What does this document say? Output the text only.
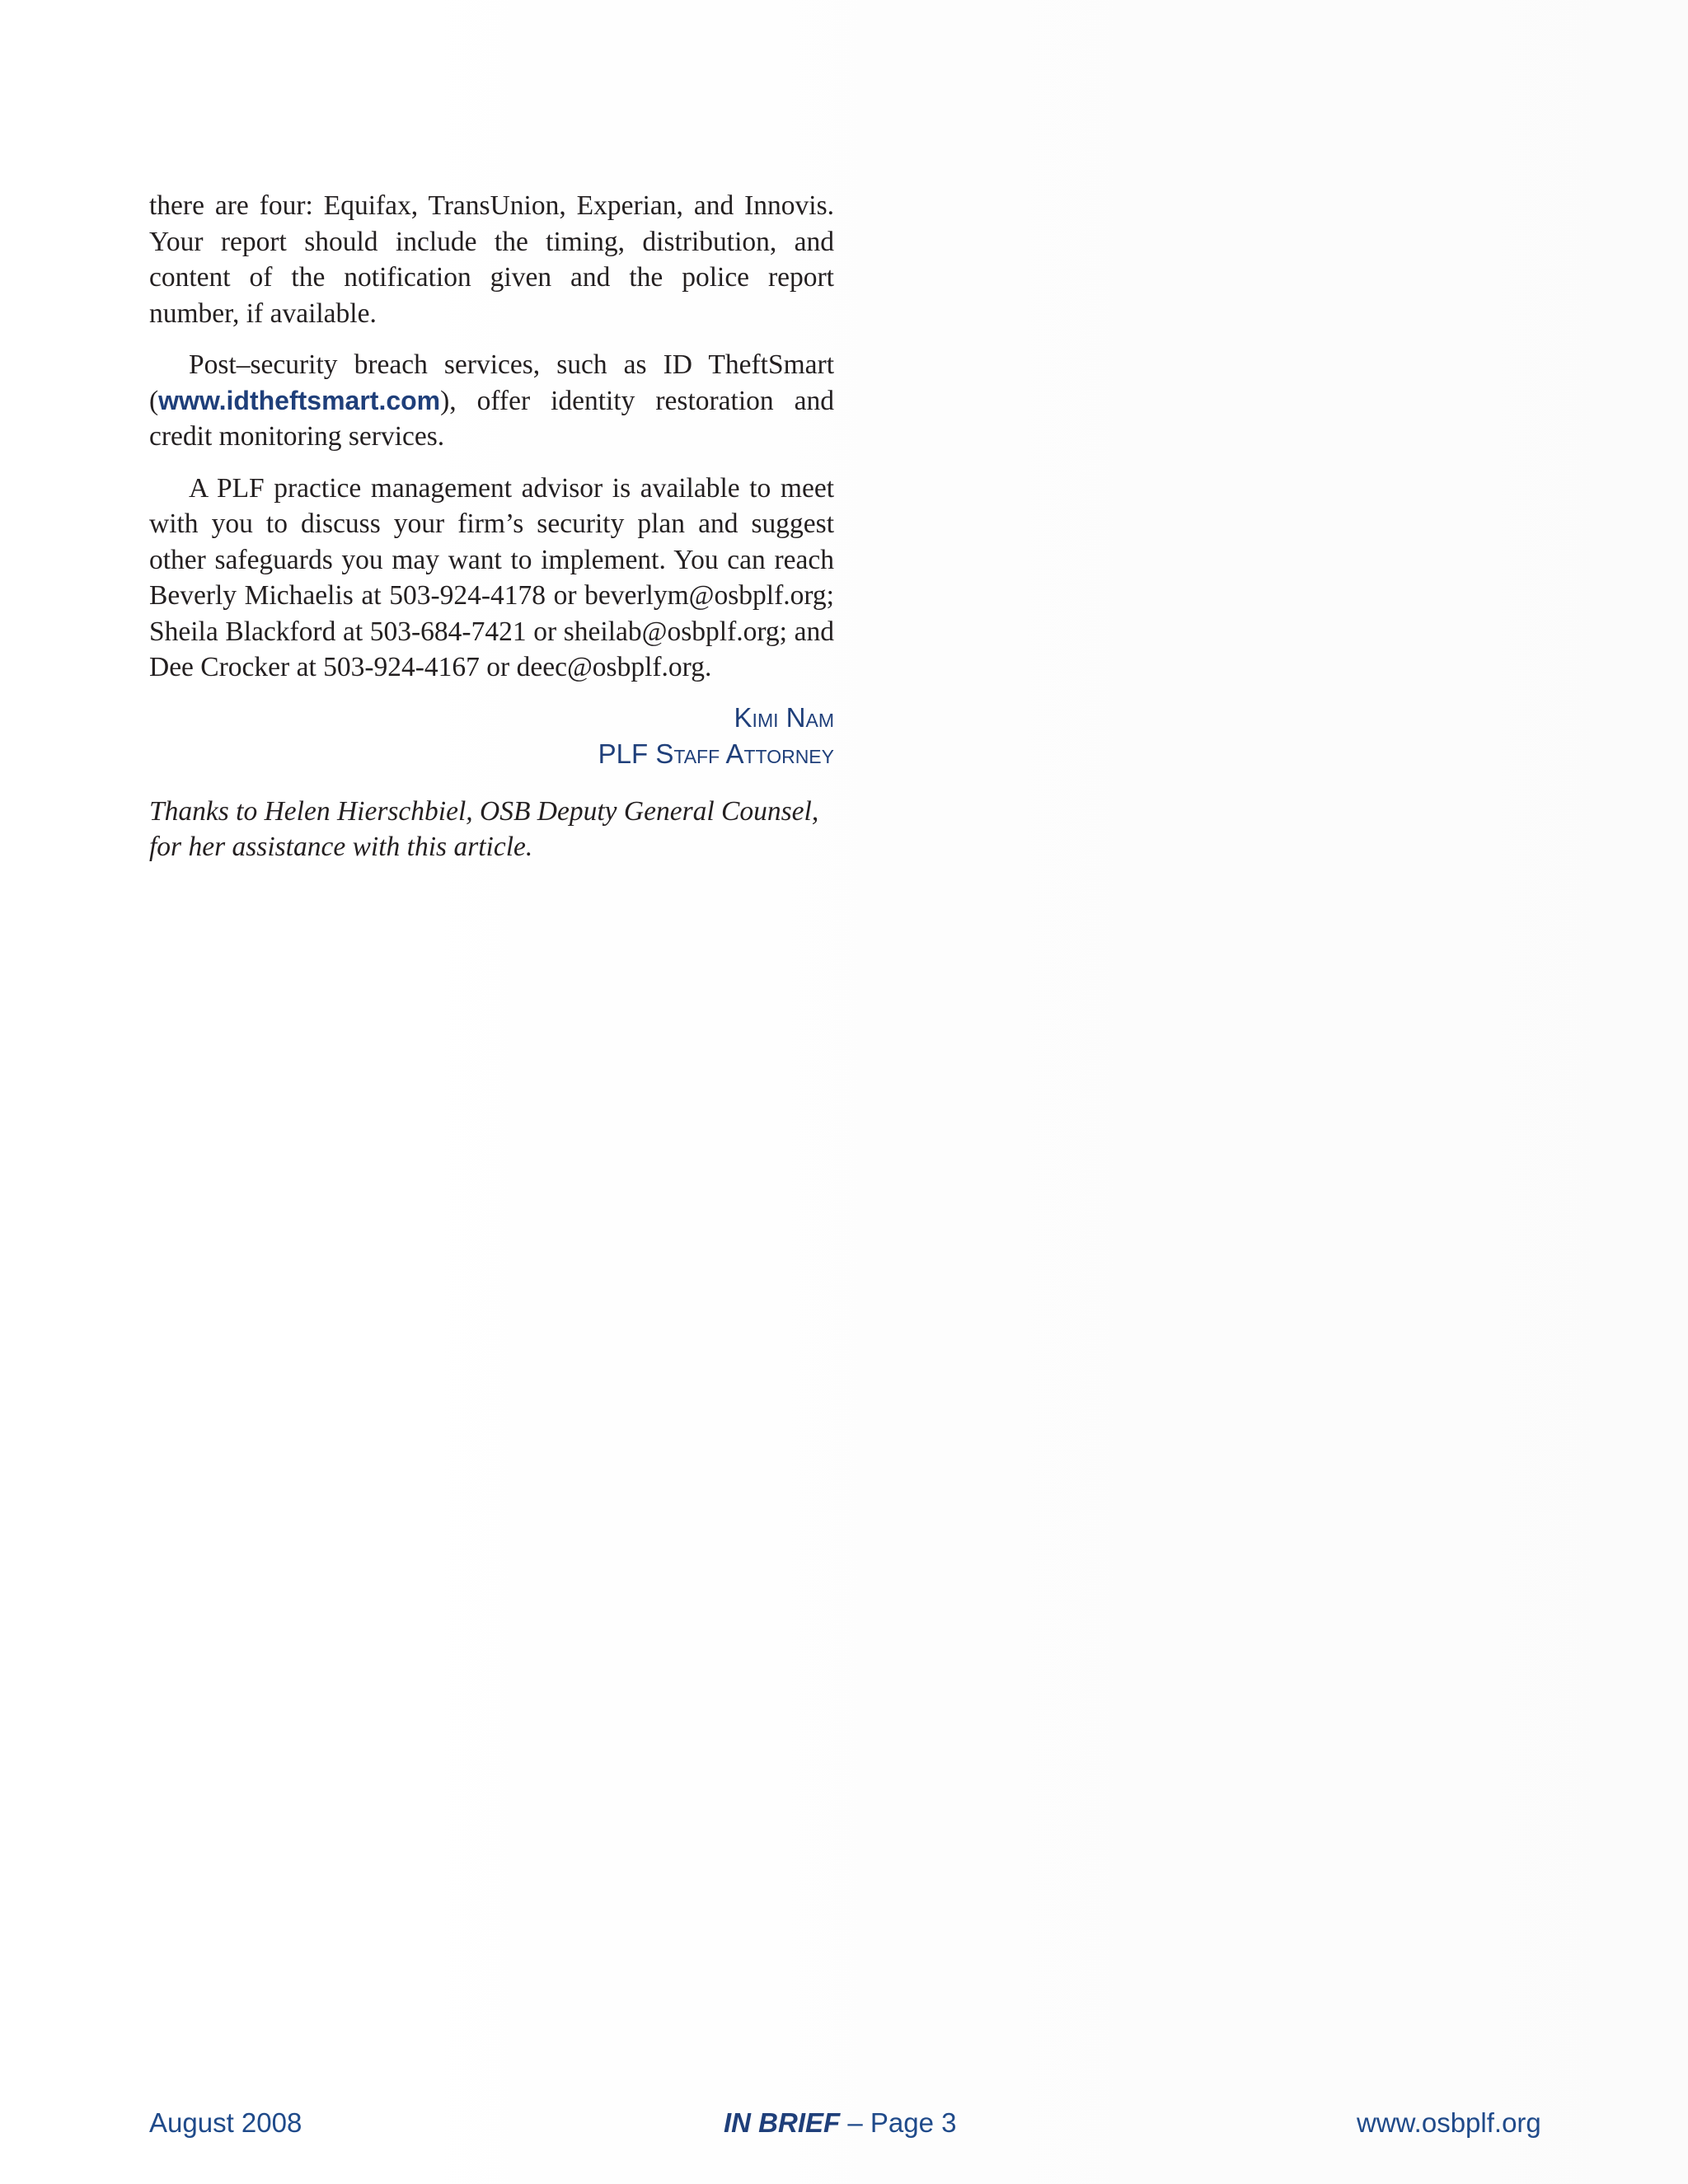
there are four: Equifax, TransUnion, Experian, and Innovis. Your report should include the timing, distribution, and content of the notification given and the police report number, if available.

Post–security breach services, such as ID TheftSmart (www.idtheftsmart.com), offer identity restoration and credit monitoring services.

A PLF practice management advisor is available to meet with you to discuss your firm’s security plan and suggest other safeguards you may want to implement. You can reach Beverly Michaelis at 503-924-4178 or beverlym@osbplf.org; Sheila Blackford at 503-684-7421 or sheilab@osbplf.org; and Dee Crocker at 503-924-4167 or deec@osbplf.org.

Kimi Nam

PLF Staff Attorney

Thanks to Helen Hierschbiel, OSB Deputy General Counsel, for her assistance with this article.

August 2008	IN BRIEF – Page 3	www.osbplf.org
